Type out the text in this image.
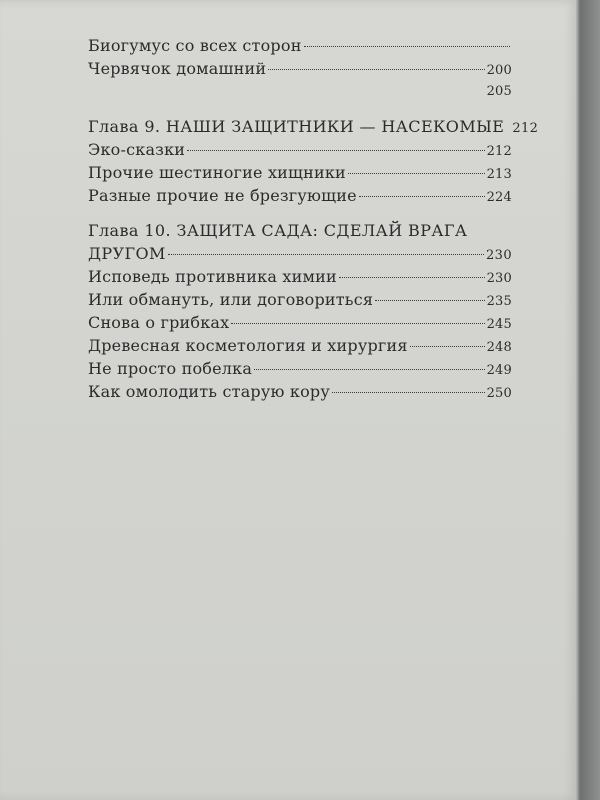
Биогумус со всех сторон
Червячок домашний	200
205
Глава 9. НАШИ ЗАЩИТНИКИ — НАСЕКОМЫЕ 212
Эко-сказки	212
Прочие шестиногие хищники	213
Разные прочие не брезгующие	224
Глава 10. ЗАЩИТА САДА: СДЕЛАЙ ВРАГА
ДРУГОМ	230
Исповедь противника химии	230
Или обмануть, или договориться	235
Снова о грибках	245
Древесная косметология и хирургия	248
Не просто побелка	249
Как омолодить старую кору	250
